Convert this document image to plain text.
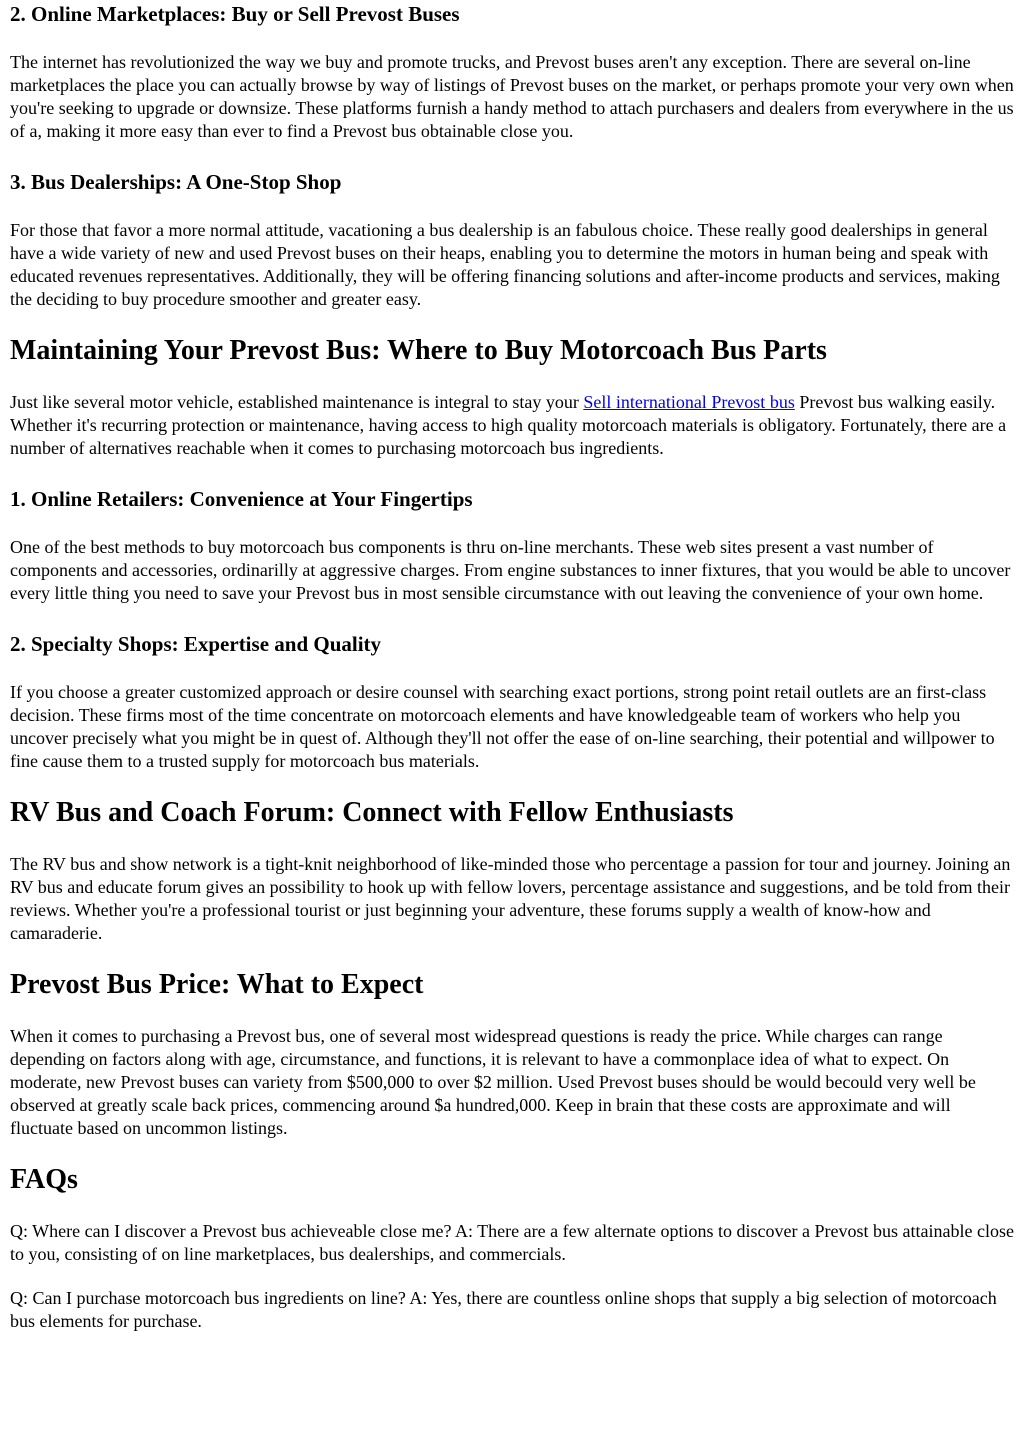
2. Online Marketplaces: Buy or Sell Prevost Buses

The internet has revolutionized the way we buy and promote trucks, and Prevost buses aren't any exception. There are several on-line marketplaces the place you can actually browse by way of listings of Prevost buses on the market, or perhaps promote your very own when you're seeking to upgrade or downsize. These platforms furnish a handy method to attach purchasers and dealers from everywhere in the us of a, making it more easy than ever to find a Prevost bus obtainable close you.

3. Bus Dealerships: A One-Stop Shop

For those that favor a more normal attitude, vacationing a bus dealership is an fabulous choice. These really good dealerships in general have a wide variety of new and used Prevost buses on their heaps, enabling you to determine the motors in human being and speak with educated revenues representatives. Additionally, they will be offering financing solutions and after-income products and services, making the deciding to buy procedure smoother and greater easy.

Maintaining Your Prevost Bus: Where to Buy Motorcoach Bus Parts

Just like several motor vehicle, established maintenance is integral to stay your Sell international Prevost bus Prevost bus walking easily. Whether it's recurring protection or maintenance, having access to high quality motorcoach materials is obligatory. Fortunately, there are a number of alternatives reachable when it comes to purchasing motorcoach bus ingredients.

1. Online Retailers: Convenience at Your Fingertips

One of the best methods to buy motorcoach bus components is thru on-line merchants. These web sites present a vast number of components and accessories, ordinarilly at aggressive charges. From engine substances to inner fixtures, that you would be able to uncover every little thing you need to save your Prevost bus in most sensible circumstance with out leaving the convenience of your own home.

2. Specialty Shops: Expertise and Quality

If you choose a greater customized approach or desire counsel with searching exact portions, strong point retail outlets are an first-class decision. These firms most of the time concentrate on motorcoach elements and have knowledgeable team of workers who help you uncover precisely what you might be in quest of. Although they'll not offer the ease of on-line searching, their potential and willpower to fine cause them to a trusted supply for motorcoach bus materials.

RV Bus and Coach Forum: Connect with Fellow Enthusiasts

The RV bus and show network is a tight-knit neighborhood of like-minded those who percentage a passion for tour and journey. Joining an RV bus and educate forum gives an possibility to hook up with fellow lovers, percentage assistance and suggestions, and be told from their reviews. Whether you're a professional tourist or just beginning your adventure, these forums supply a wealth of know-how and camaraderie.

Prevost Bus Price: What to Expect

When it comes to purchasing a Prevost bus, one of several most widespread questions is ready the price. While charges can range depending on factors along with age, circumstance, and functions, it is relevant to have a commonplace idea of what to expect. On moderate, new Prevost buses can variety from $500,000 to over $2 million. Used Prevost buses should be would becould very well be observed at greatly scale back prices, commencing around $a hundred,000. Keep in brain that these costs are approximate and will fluctuate based on uncommon listings.

FAQs

Q: Where can I discover a Prevost bus achieveable close me? A: There are a few alternate options to discover a Prevost bus attainable close to you, consisting of on line marketplaces, bus dealerships, and commercials.

Q: Can I purchase motorcoach bus ingredients on line? A: Yes, there are countless online shops that supply a big selection of motorcoach bus elements for purchase.
